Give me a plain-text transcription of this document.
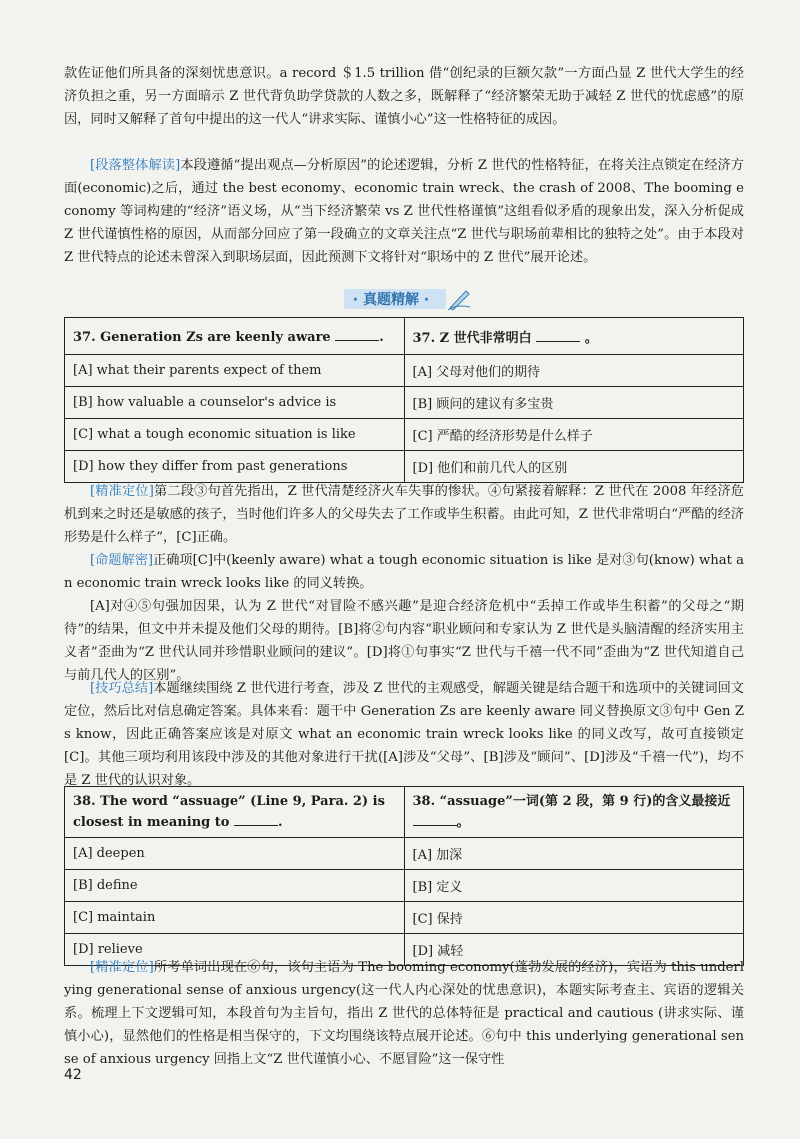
款佐证他们所具备的深刻忧患意识。a record ＄1.5 trillion 借“创纪录的巨额欠款”一方面凸显 Z 世代大学生的经济负担之重，另一方面暗示 Z 世代背负助学贷款的人数之多，既解释了“经济繁荣无助于减轻 Z 世代的忧虑感”的原因，同时又解释了首句中提出的这一代人“讲求实际、谨慎小心”这一性格特征的成因。

[段落整体解读]本段遵循“提出观点—分析原因”的论述逻辑，分析 Z 世代的性格特征，在将关注点锁定在经济方面(economic)之后，通过 the best economy、economic train wreck、the crash of 2008、The booming economy 等词构建的“经济”语义场，从“当下经济繁荣 vs Z 世代性格谨慎”这组看似矛盾的现象出发，深入分析促成 Z 世代谨慎性格的原因，从而部分回应了第一段确立的文章关注点“Z 世代与职场前辈相比的独特之处”。由于本段对 Z 世代特点的论述未曾深入到职场层面，因此预测下文将针对“职场中的 Z 世代”展开论述。

· 真题精解 ·
37. Generation Zs are keenly aware .	37. Z 世代非常明白 。
[A] what their parents expect of them	[A] 父母对他们的期待
[B] how valuable a counselor's advice is	[B] 顾问的建议有多宝贵
[C] what a tough economic situation is like	[C] 严酷的经济形势是什么样子
[D] how they differ from past generations	[D] 他们和前几代人的区别

[精准定位]第二段③句首先指出，Z 世代清楚经济火车失事的惨状。④句紧接着解释：Z 世代在 2008 年经济危机到来之时还是敏感的孩子，当时他们许多人的父母失去了工作或毕生积蓄。由此可知，Z 世代非常明白“严酷的经济形势是什么样子”，[C]正确。

[命题解密]正确项[C]中(keenly aware) what a tough economic situation is like 是对③句(know) what an economic train wreck looks like 的同义转换。

[A]对④⑤句强加因果，认为 Z 世代“对冒险不感兴趣”是迎合经济危机中“丢掉工作或毕生积蓄”的父母之“期待”的结果，但文中并未提及他们父母的期待。[B]将②句内容“职业顾问和专家认为 Z 世代是头脑清醒的经济实用主义者”歪曲为“Z 世代认同并珍惜职业顾问的建议”。[D]将①句事实“Z 世代与千禧一代不同”歪曲为“Z 世代知道自己与前几代人的区别”。

[技巧总结]本题继续围绕 Z 世代进行考查，涉及 Z 世代的主观感受，解题关键是结合题干和选项中的关键词回文定位，然后比对信息确定答案。具体来看：题干中 Generation Zs are keenly aware 同义替换原文③句中 Gen Zs know，因此正确答案应该是对原文 what an economic train wreck looks like 的同义改写，故可直接锁定[C]。其他三项均利用该段中涉及的其他对象进行干扰([A]涉及“父母”、[B]涉及“顾问”、[D]涉及“千禧一代”)，均不是 Z 世代的认识对象。

38. The word “assuage” (Line 9, Para. 2) is closest in meaning to .	38. “assuage”一词(第 2 段，第 9 行)的含义最接近。
[A] deepen	[A] 加深
[B] define	[B] 定义
[C] maintain	[C] 保持
[D] relieve	[D] 减轻

[精准定位]所考单词出现在⑥句，该句主语为 The booming economy(蓬勃发展的经济)，宾语为 this underlying generational sense of anxious urgency(这一代人内心深处的忧患意识)，本题实际考查主、宾语的逻辑关系。梳理上下文逻辑可知，本段首句为主旨句，指出 Z 世代的总体特征是 practical and cautious (讲求实际、谨慎小心)，显然他们的性格是相当保守的，下文均围绕该特点展开论述。⑥句中 this underlying generational sense of anxious urgency 回指上文“Z 世代谨慎小心、不愿冒险”这一保守性

42
